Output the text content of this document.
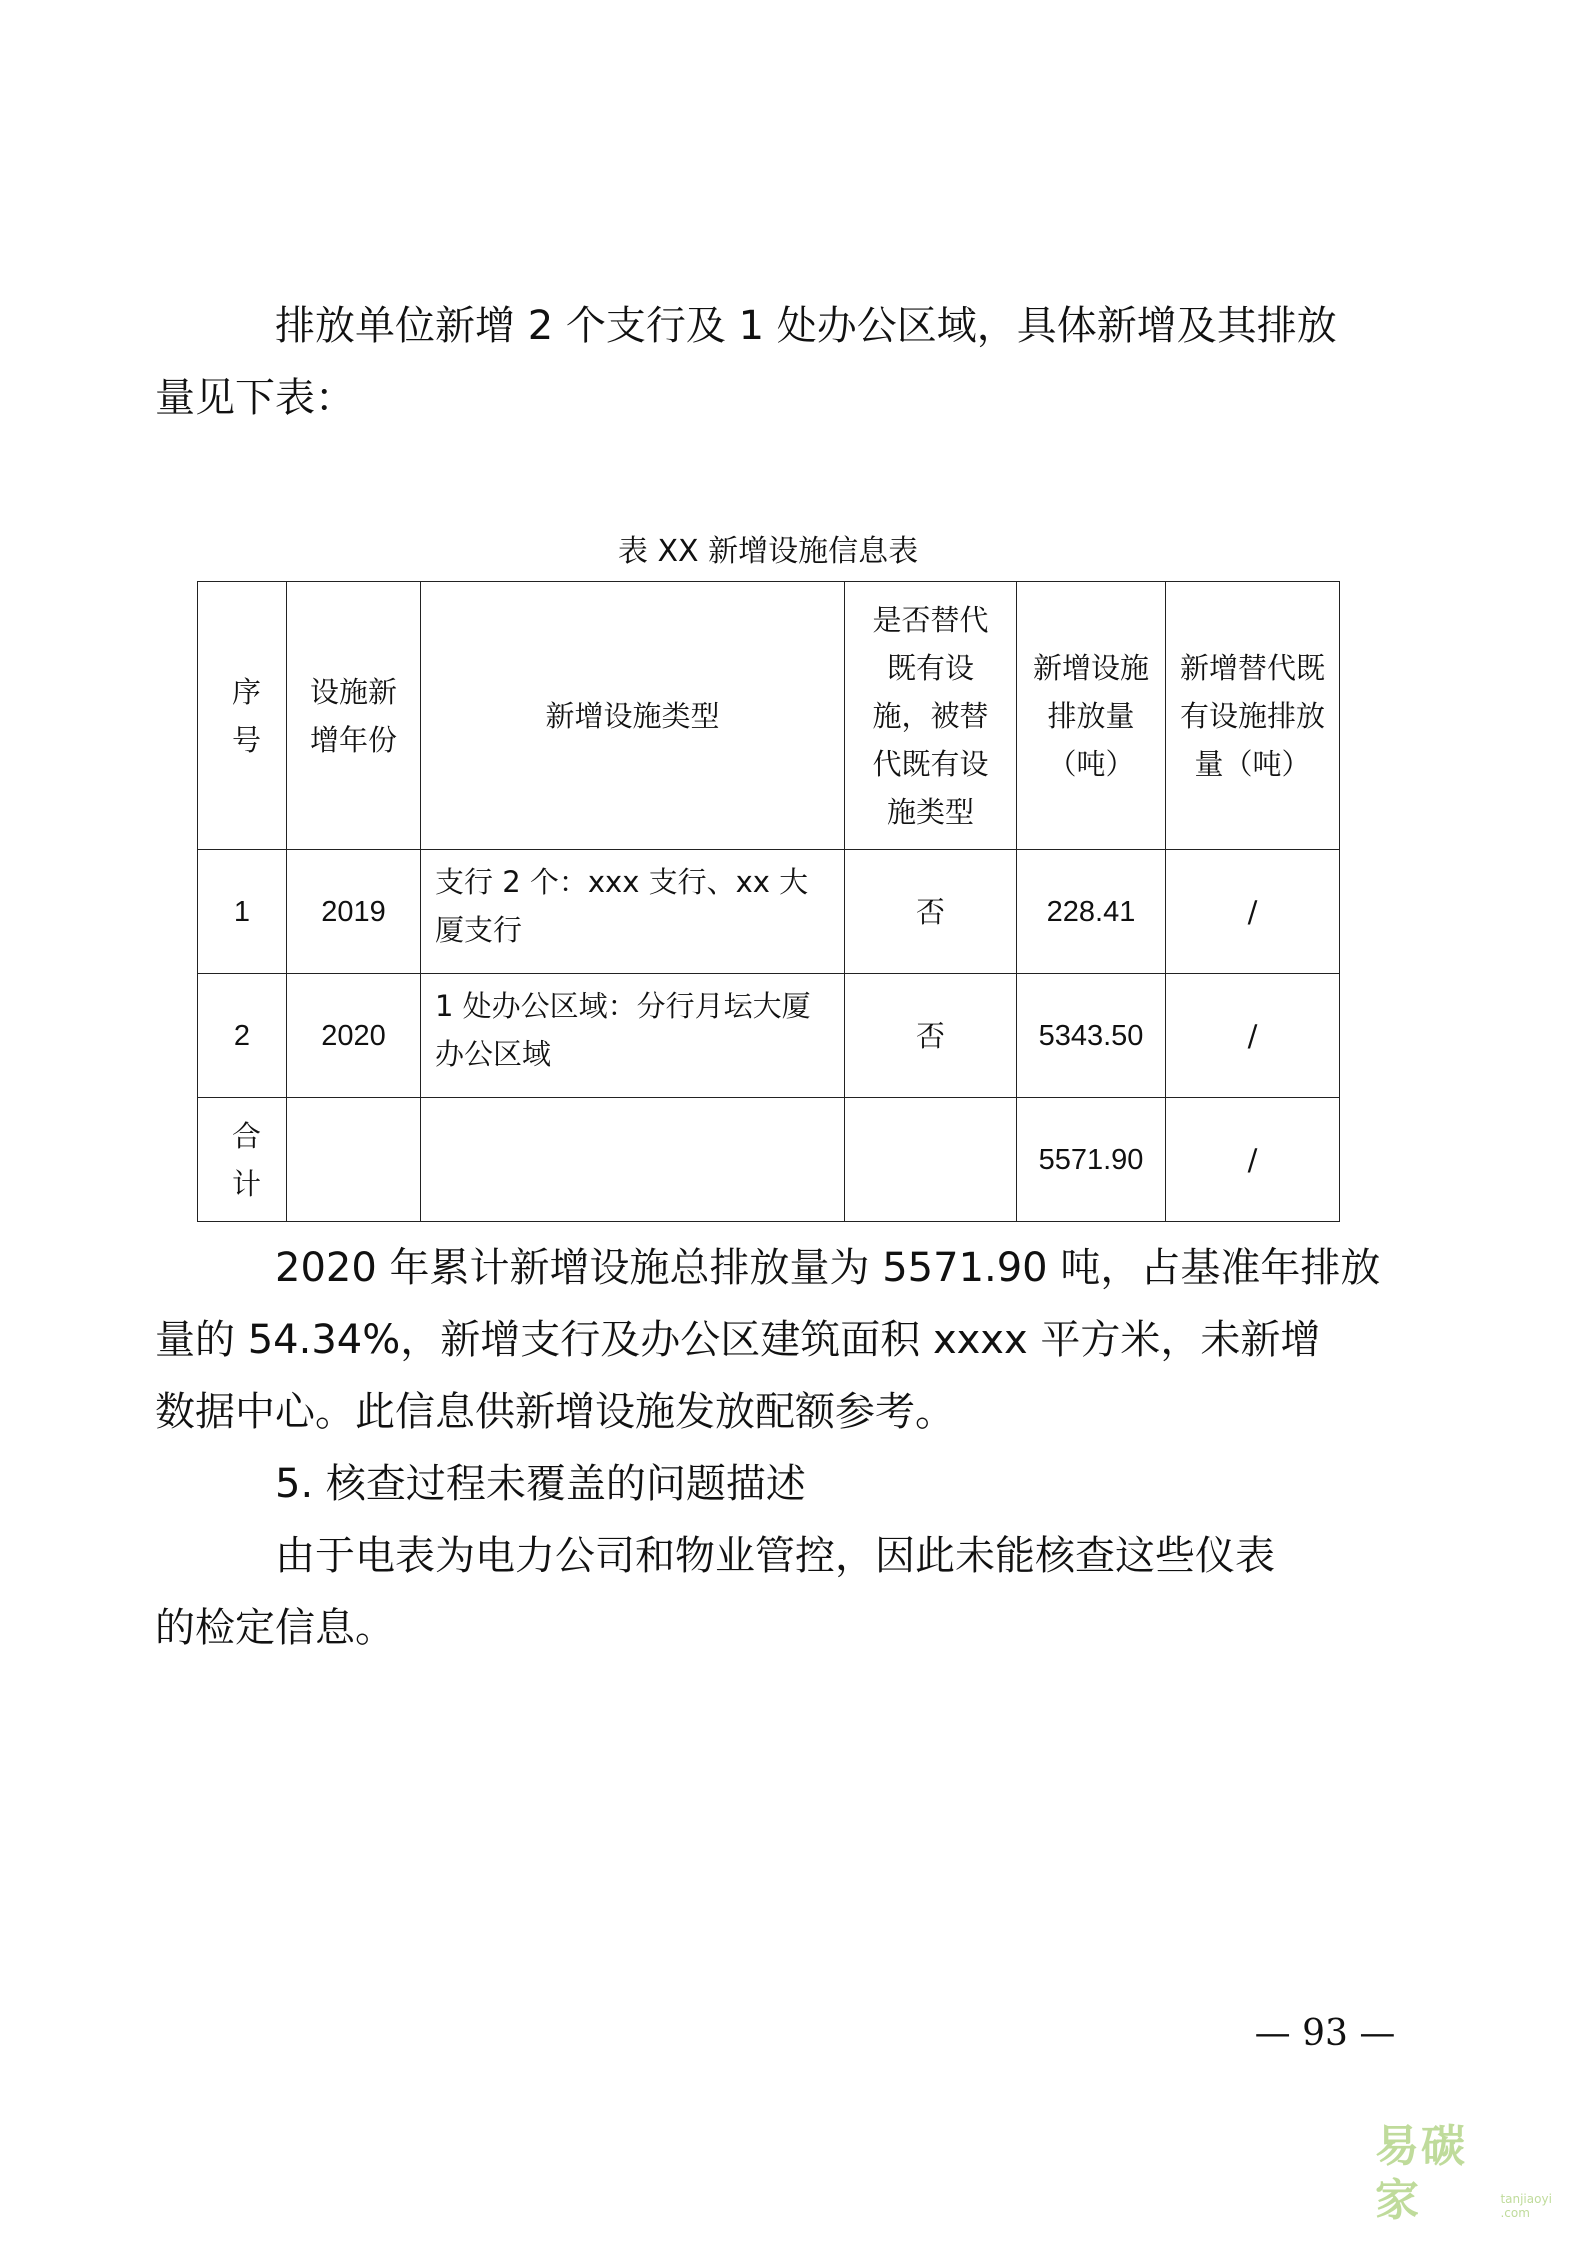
排放单位新增 2 个支行及 1 处办公区域，具体新增及其排放
量见下表：
表 XX 新增设施信息表
序号	设施新增年份	新增设施类型	是否替代既有设施，被替代既有设施类型	新增设施排放量（吨）	新增替代既有设施排放量（吨）
1	2019	支行 2 个：xxx 支行、xx 大厦支行	否	228.41	/
2	2020	1 处办公区域：分行月坛大厦办公区域	否	5343.50	/
合计				5571.90	/
2020 年累计新增设施总排放量为 5571.90 吨，占基准年排放
量的 54.34%，新增支行及办公区建筑面积 xxxx 平方米，未新增
数据中心。此信息供新增设施发放配额参考。
5. 核查过程未覆盖的问题描述
由于电表为电力公司和物业管控，因此未能核查这些仪表
的检定信息。
— 93 —
易碳家	tanjiaoyi .com
